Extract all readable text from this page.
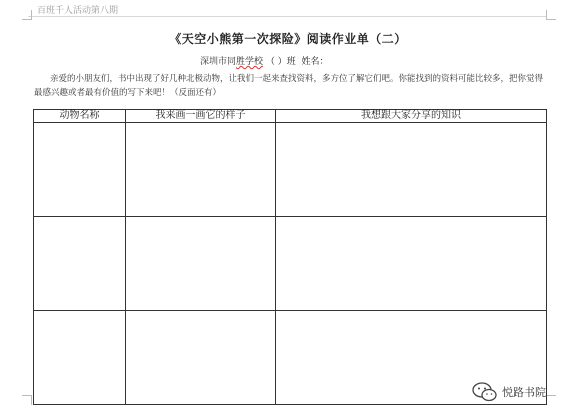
百班千人活动第八期
《天空小熊第一次探险》阅读作业单（二）
深圳市同胜学校 （ ）班 姓名：

亲爱的小朋友们，书中出现了好几种北极动物，让我们一起来查找资料，多方位了解它们吧。你能找到的资料可能比较多，把你觉得最感兴趣或者最有价值的写下来吧！（反面还有）

动物名称	我来画一画它的样子	我想跟大家分享的知识

悦路书院
